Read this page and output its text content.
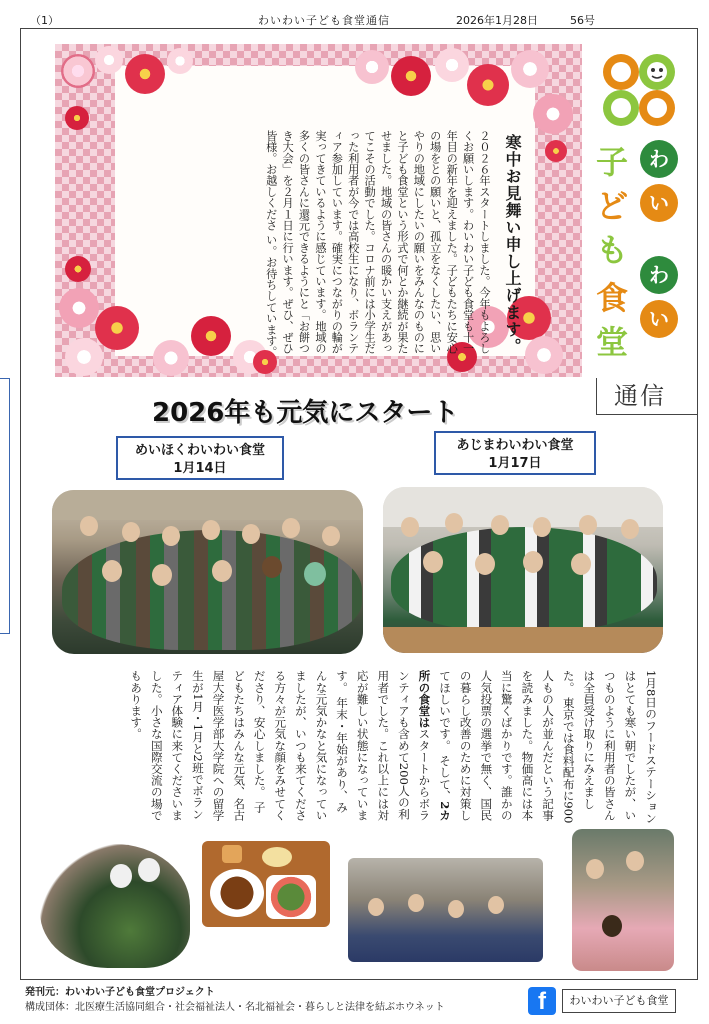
（1）	わいわい子ども食堂通信	2026年1月28日	56号
寒中お見舞い申し上げます。
２０２６年スタートしました。今年もよろしくお願いします。わいわい子ども食堂も十一年目の新年を迎えました。子どもたちに安心の場をとの願いと、孤立をなくしたい、思いやりの地域にしたいの願いをみんなのものにと子ども食堂という形式で何とか継続が果たせました。地域の皆さんの暖かい支えがあってこその活動でした。コロナ前には小学生だった利用者が今では高校生になり、ボランティア参加しています。確実につながりの輪が実ってきているように感じています。地域の多くの皆さんに還元できるようにと「お餅つき大会」を２月１日に行います。ぜひ、ぜひ皆様。お越しくださ い。お待ちしています。	子
ど
も
食
堂
わ
い
わ
い
通信
2026年も元気にスタート
めいほくわいわい食堂
1月14日
あじまわいわい食堂
1月17日
1月8日のフードステーションはとても寒い朝でしたが、いつものように利用者の皆さんは全員受け取りにみえました。 東京では食料配布に900人もの人が並んだという記事を読みました。物価高には本当に驚くばかりです。誰かの人気投票の選挙で無く、国民の暮らし改善のために対策してほしいです。 そして、2カ所の食堂はスタートからボランティアも含めて200人の利用者でした。これ以上には対応が難しい状態になっています。 年末・年始があり、みんな元気かなと気になっていましたが、いつも来てくださる方々が元気な顔をみせてくださり、安心しました。 子どもたちはみんな元気、名古屋大学医学部大学院への留学生が1月・1月と2班でボランティア体験に来てくださいました。小さな国際交流の場でもあります。
発刊元：わいわい子ども食堂プロジェクト
構成団体：北医療生活協同組合・社会福祉法人・名北福祉会・暮らしと法律を結ぶホウネット	f	わいわい子ども食堂
